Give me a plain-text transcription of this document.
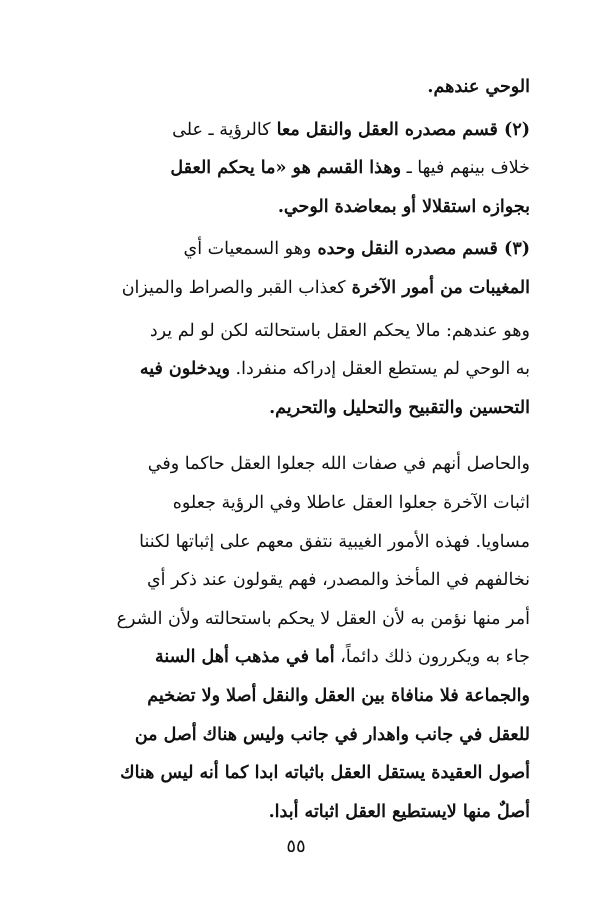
الوحي عندهم.
(٢) قسم مصدره العقل والنقل معا كالرؤية ـ على
خلاف بينهم فيها ـ وهذا القسم هو «ما يحكم العقل
بجوازه استقلالا أو بمعاضدة الوحي.
(٣) قسم مصدره النقل وحده وهو السمعيات أي
المغيبات من أمور الآخرة كعذاب القبر والصراط والميزان
وهو عندهم: مالا يحكم العقل باستحالته لكن لو لم يرد
به الوحي لم يستطع العقل إدراكه منفردا. ويدخلون فيه
التحسين والتقبيح والتحليل والتحريم.
والحاصل أنهم في صفات الله جعلوا العقل حاكما وفي
اثبات الآخرة جعلوا العقل عاطلا وفي الرؤية جعلوه
مساويا. فهذه الأمور الغيبية نتفق معهم على إثباتها لكننا
نخالفهم في المأخذ والمصدر، فهم يقولون عند ذكر أي
أمر منها نؤمن به لأن العقل لا يحكم باستحالته ولأن الشرع
جاء به ويكررون ذلك دائماً، أما في مذهب أهل السنة
والجماعة فلا منافاة بين العقل والنقل أصلا ولا تضخيم
للعقل في جانب واهدار في جانب وليس هناك أصل من
أصول العقيدة يستقل العقل باثباته ابدا كما أنه ليس هناك
أصلٌ منها لايستطيع العقل اثباته أبدا.
٥٥
